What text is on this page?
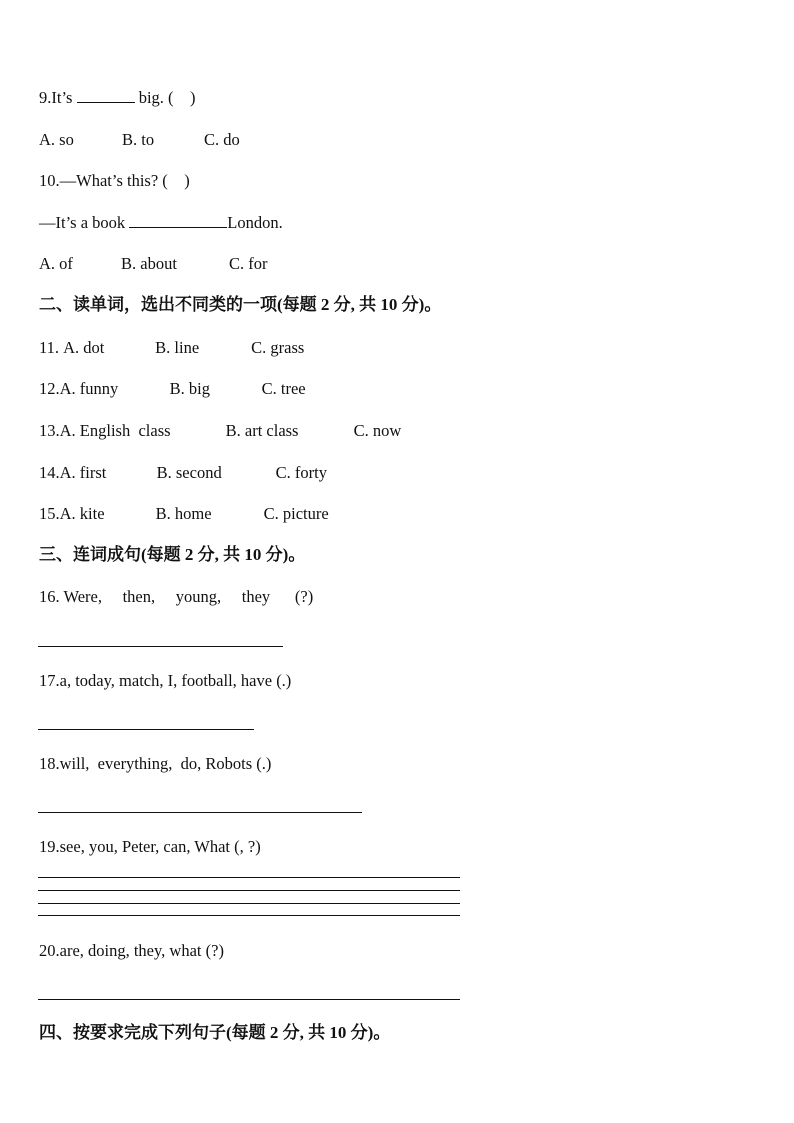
9.It’s	big. (    )
A. so	B. to	C. do
10.—What’s this? (    )
—It’s a book	London.
A. of	B. about	C. for
二、读单词，选出不同类的一项(每题 2 分, 共 10 分)。
11. A. dot	B. line	C. grass
12.A. funny	B. big	C. tree
13.A. English  class	B. art class	C. now
14.A. first	B. second	C. forty
15.A. kite	B. home	C. picture
三、连词成句(每题 2 分, 共 10 分)。
16. Were,     then,     young,     they      (?)
17.a, today, match, I, football, have (.)
18.will,  everything,  do, Robots (.)
19.see, you, Peter, can, What (, ?)
20.are, doing, they, what (?)
四、按要求完成下列句子(每题 2 分, 共 10 分)。
